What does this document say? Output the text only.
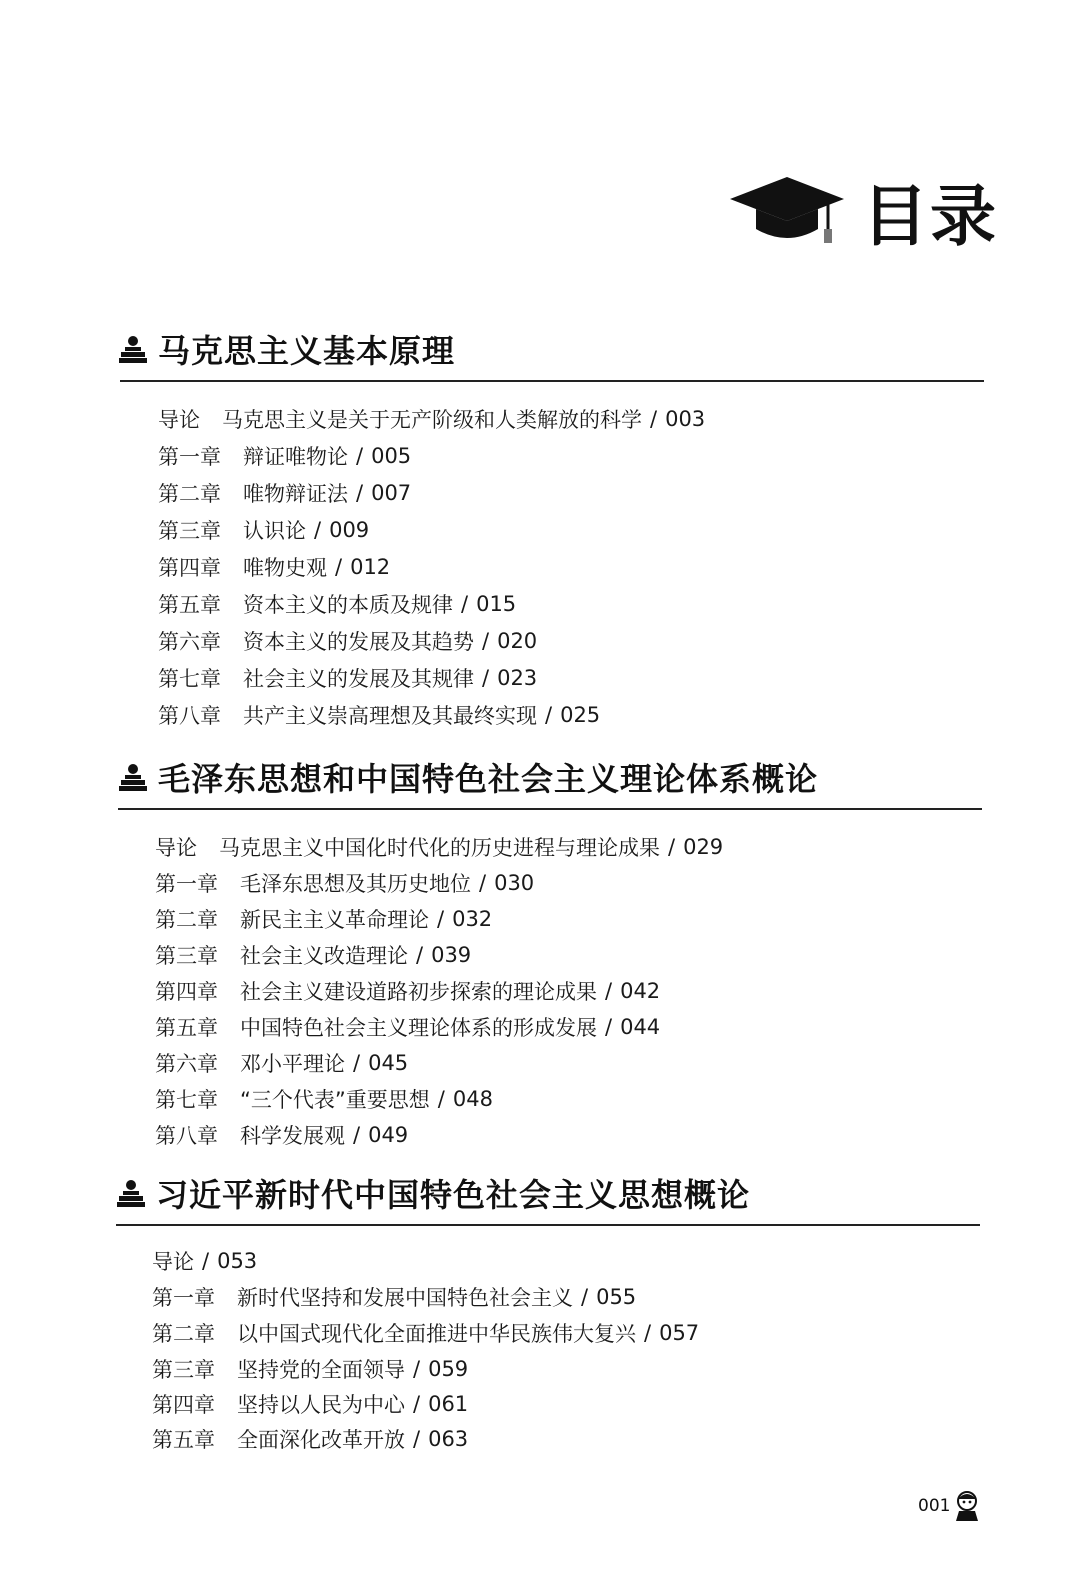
目录
马克思主义基本原理
导论 马克思主义是关于无产阶级和人类解放的科学 / 003
第一章 辩证唯物论 / 005
第二章 唯物辩证法 / 007
第三章 认识论 / 009
第四章 唯物史观 / 012
第五章 资本主义的本质及规律 / 015
第六章 资本主义的发展及其趋势 / 020
第七章 社会主义的发展及其规律 / 023
第八章 共产主义崇高理想及其最终实现 / 025
毛泽东思想和中国特色社会主义理论体系概论
导论 马克思主义中国化时代化的历史进程与理论成果 / 029
第一章 毛泽东思想及其历史地位 / 030
第二章 新民主主义革命理论 / 032
第三章 社会主义改造理论 / 039
第四章 社会主义建设道路初步探索的理论成果 / 042
第五章 中国特色社会主义理论体系的形成发展 / 044
第六章 邓小平理论 / 045
第七章 “三个代表”重要思想 / 048
第八章 科学发展观 / 049
习近平新时代中国特色社会主义思想概论
导论 / 053
第一章 新时代坚持和发展中国特色社会主义 / 055
第二章 以中国式现代化全面推进中华民族伟大复兴 / 057
第三章 坚持党的全面领导 / 059
第四章 坚持以人民为中心 / 061
第五章 全面深化改革开放 / 063
001
